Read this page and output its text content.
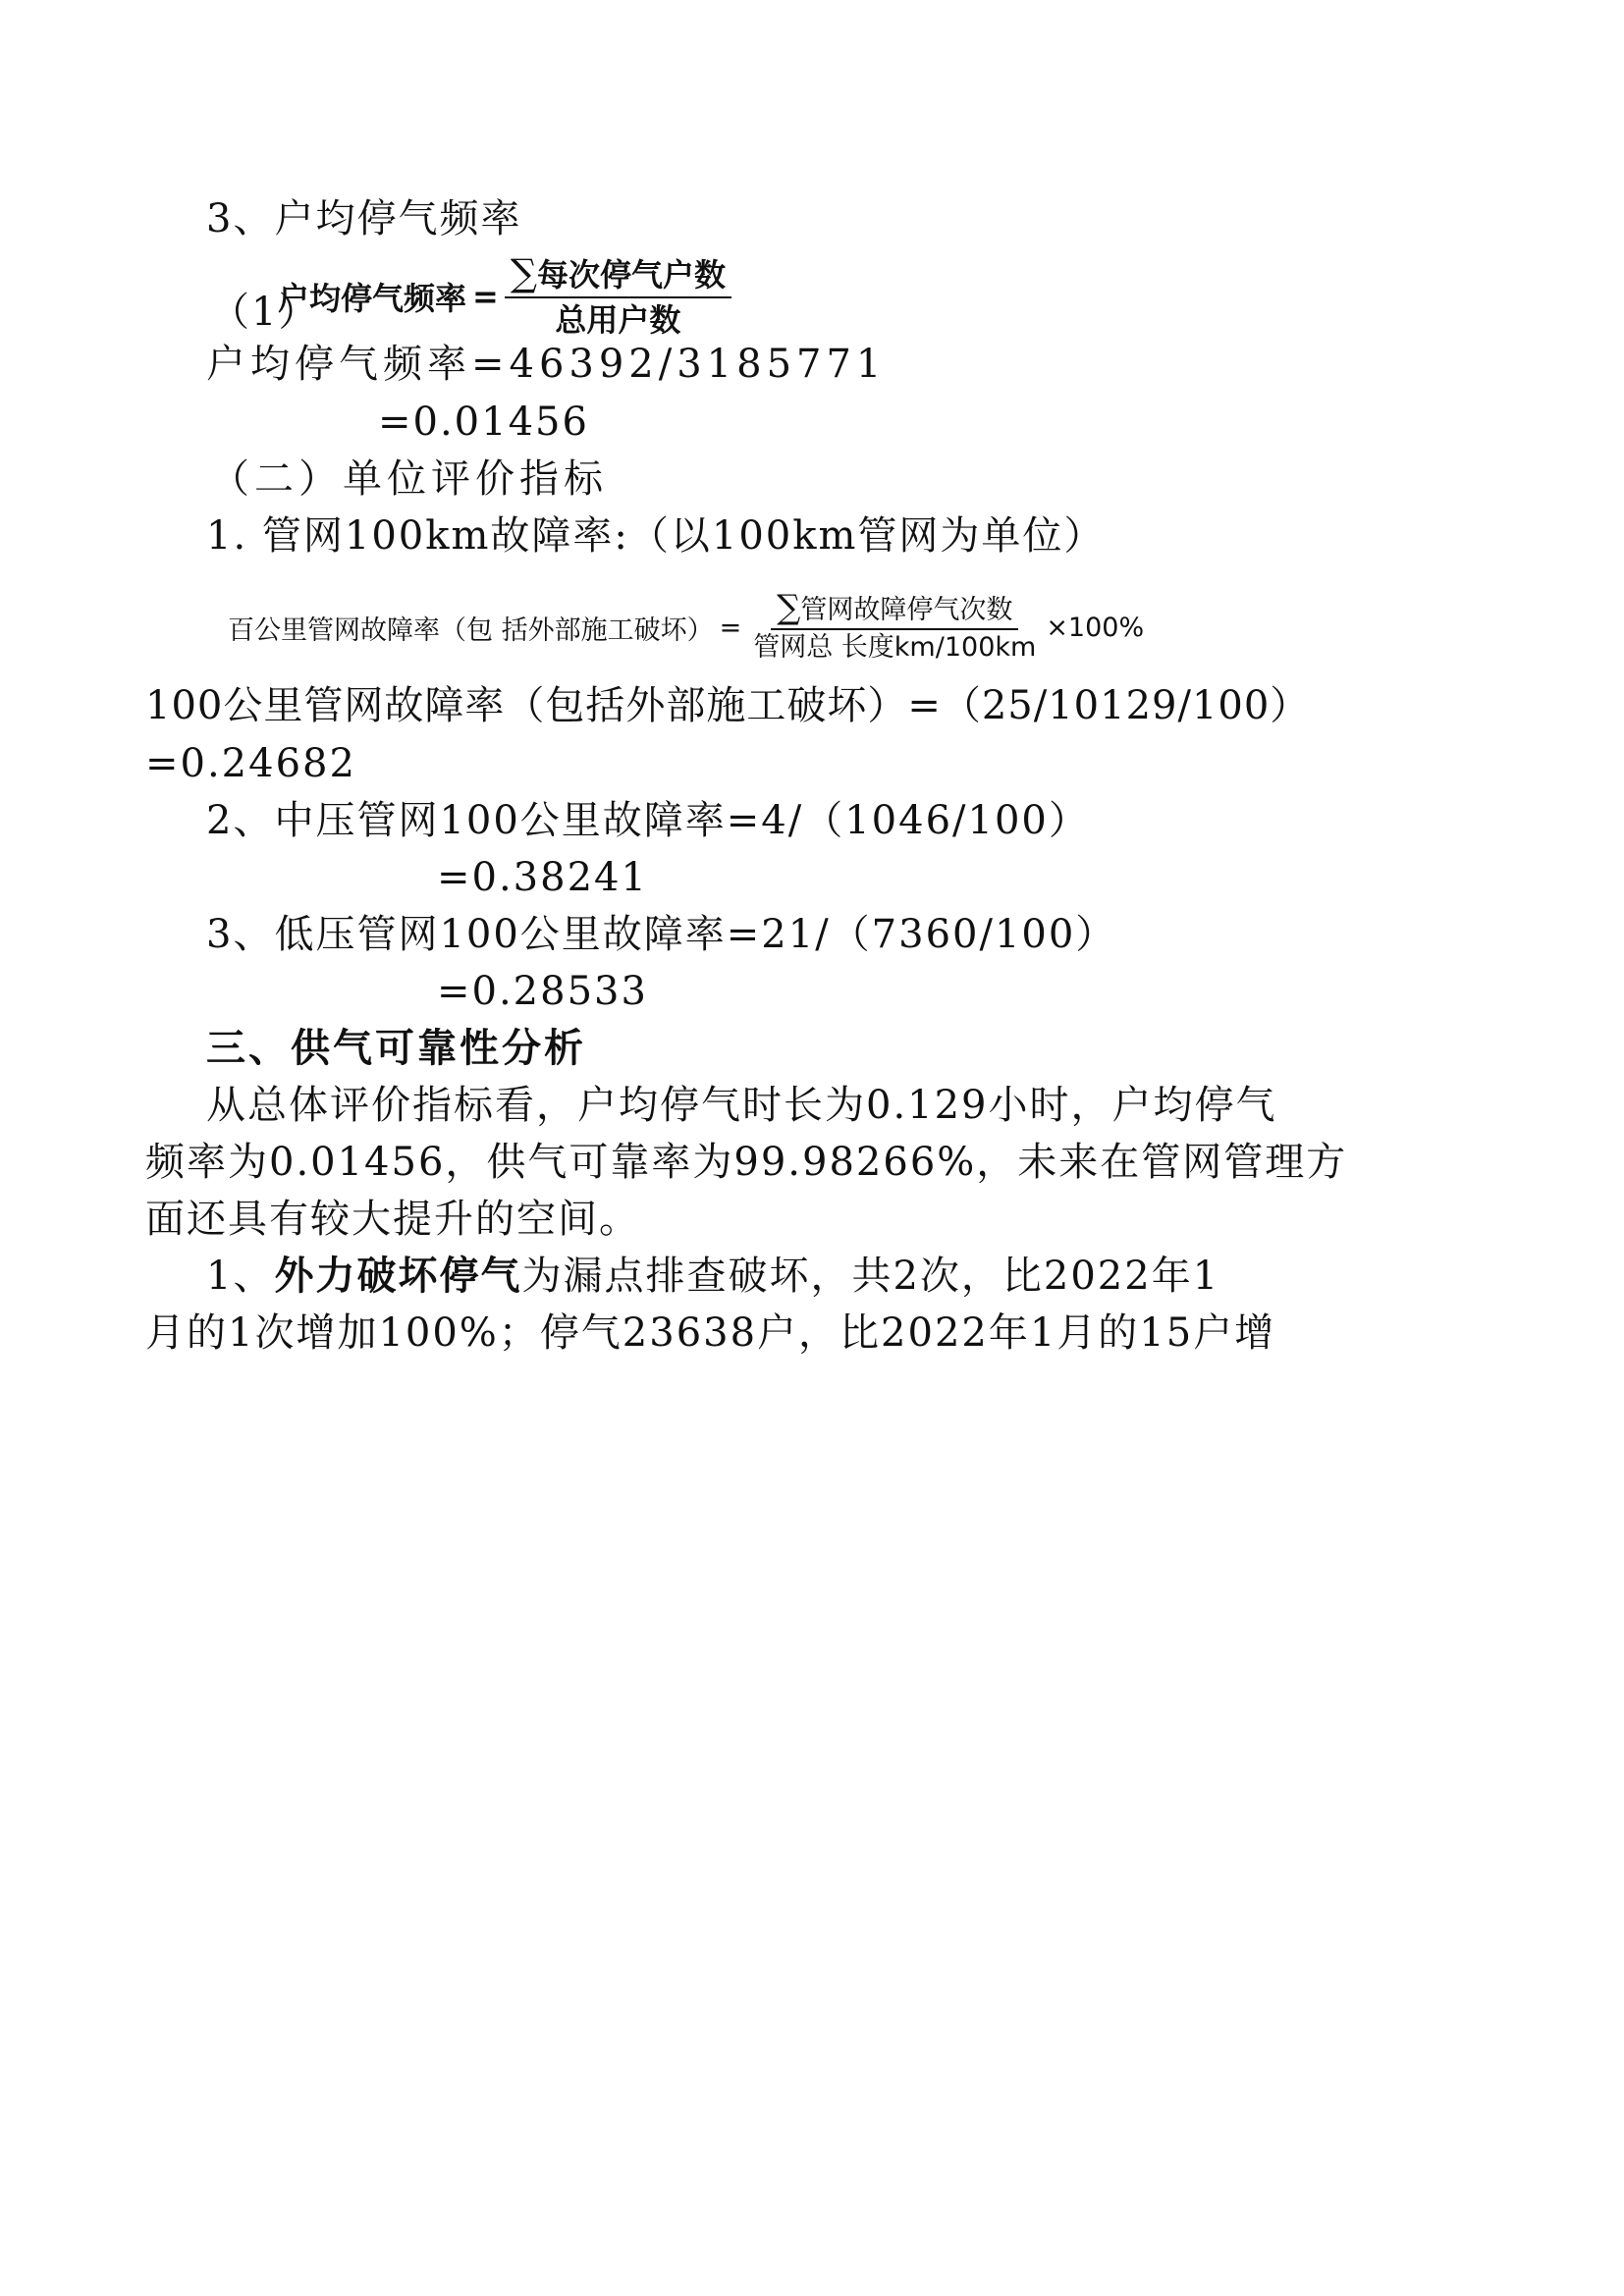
3、户均停气频率
户均停气频率 = $\frac{\text{∑每次停气户数}}{\text{总用户数}}$
（1）
户均停气频率=46392/3185771
=0.01456
（二）单位评价指标
1. 管网100km故障率:（以100km管网为单位）
百公里管网故障率（包 括外部施工破坏） = $\frac{\text{∑管网故障停气次数}}{\text{管网总 长度km/100km}} \times 100\%$
100公里管网故障率（包括外部施工破坏）=（25/10129/100）
=0.24682
2、中压管网100公里故障率=4/（1046/100）
=0.38241
3、低压管网100公里故障率=21/（7360/100）
=0.28533
三、供气可靠性分析
从总体评价指标看，户均停气时长为0.129小时，户均停气
频率为0.01456，供气可靠率为99.98266%，未来在管网管理方
面还具有较大提升的空间。
1、外力破坏停气为漏点排查破坏，共2次，比2022年1
月的1次增加100%；停气23638户，比2022年1月的15户增
